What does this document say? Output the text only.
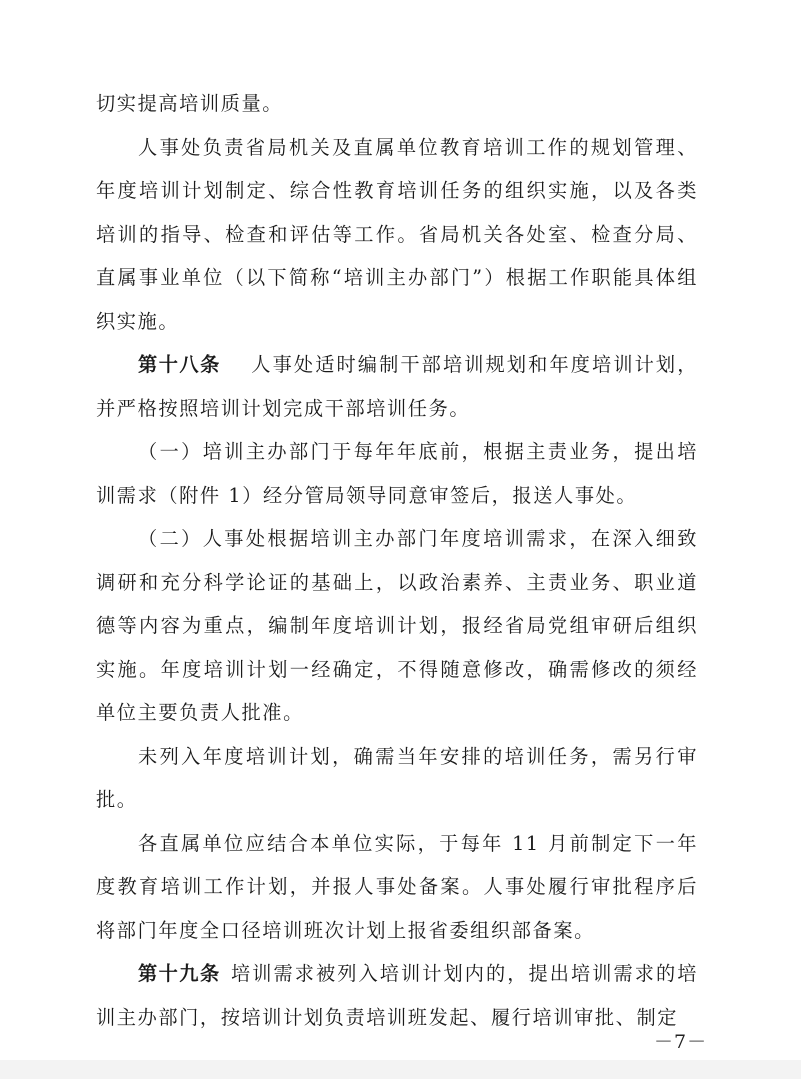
切实提高培训质量。

人事处负责省局机关及直属单位教育培训工作的规划管理、年度培训计划制定、综合性教育培训任务的组织实施，以及各类培训的指导、检查和评估等工作。省局机关各处室、检查分局、直属事业单位（以下简称“培训主办部门”）根据工作职能具体组织实施。

第十八条 人事处适时编制干部培训规划和年度培训计划，并严格按照培训计划完成干部培训任务。

（一）培训主办部门于每年年底前，根据主责业务，提出培训需求（附件 1）经分管局领导同意审签后，报送人事处。

（二）人事处根据培训主办部门年度培训需求，在深入细致调研和充分科学论证的基础上，以政治素养、主责业务、职业道德等内容为重点，编制年度培训计划，报经省局党组审研后组织实施。年度培训计划一经确定，不得随意修改，确需修改的须经单位主要负责人批准。

未列入年度培训计划，确需当年安排的培训任务，需另行审批。

各直属单位应结合本单位实际，于每年 11 月前制定下一年度教育培训工作计划，并报人事处备案。人事处履行审批程序后将部门年度全口径培训班次计划上报省委组织部备案。

第十九条 培训需求被列入培训计划内的，提出培训需求的培训主办部门，按培训计划负责培训班发起、履行培训审批、制定

－7－
